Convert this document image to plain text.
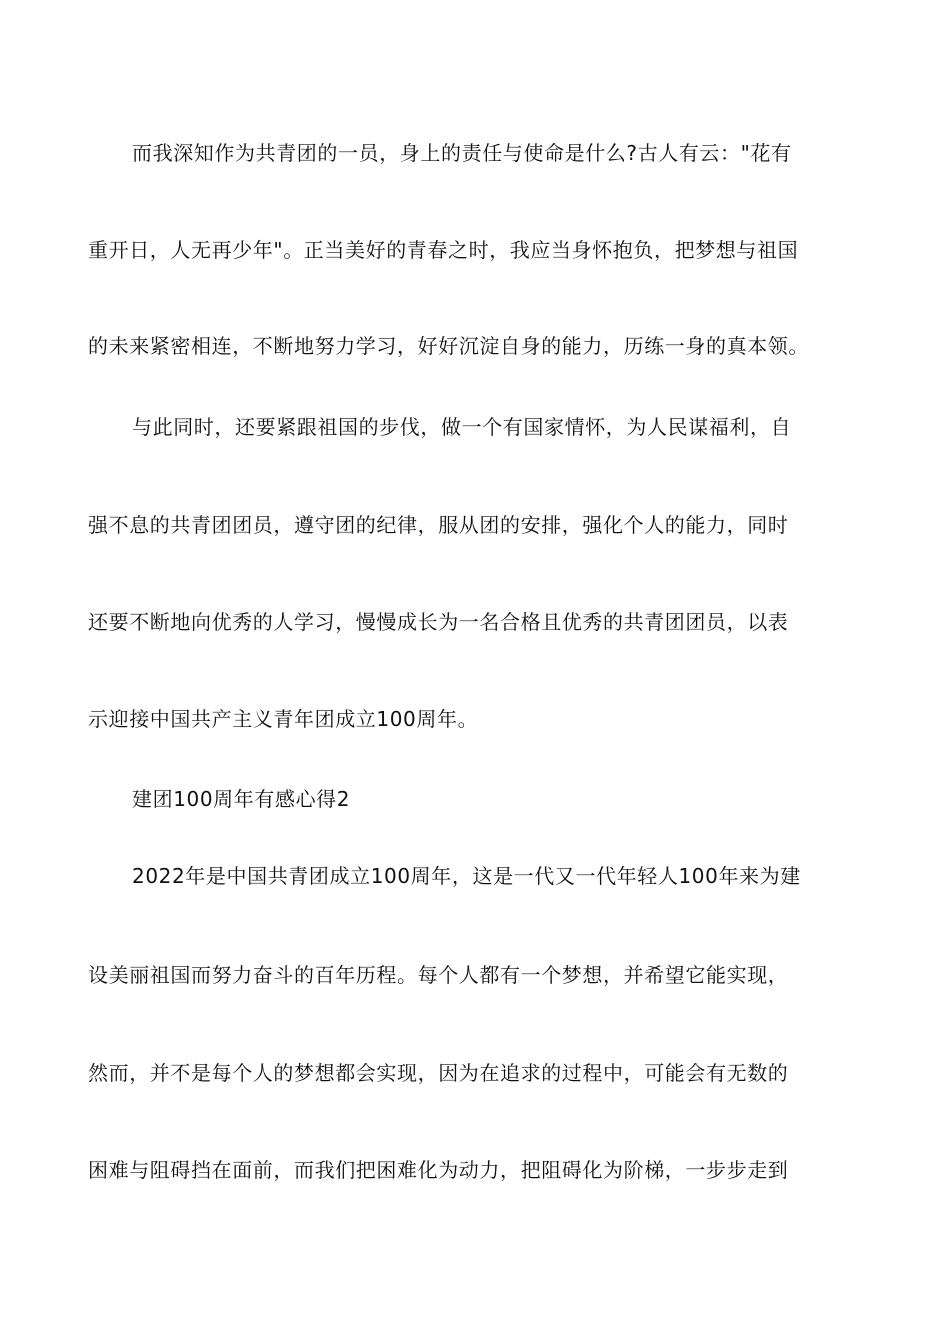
而我深知作为共青团的一员，身上的责任与使命是什么?古人有云："花有
重开日，人无再少年"。正当美好的青春之时，我应当身怀抱负，把梦想与祖国
的未来紧密相连，不断地努力学习，好好沉淀自身的能力，历练一身的真本领。
与此同时，还要紧跟祖国的步伐，做一个有国家情怀，为人民谋福利，自
强不息的共青团团员，遵守团的纪律，服从团的安排，强化个人的能力，同时
还要不断地向优秀的人学习，慢慢成长为一名合格且优秀的共青团团员，以表
示迎接中国共产主义青年团成立100周年。
建团100周年有感心得2
2022年是中国共青团成立100周年，这是一代又一代年轻人100年来为建
设美丽祖国而努力奋斗的百年历程。每个人都有一个梦想，并希望它能实现，
然而，并不是每个人的梦想都会实现，因为在追求的过程中，可能会有无数的
困难与阻碍挡在面前，而我们把困难化为动力，把阻碍化为阶梯，一步步走到
